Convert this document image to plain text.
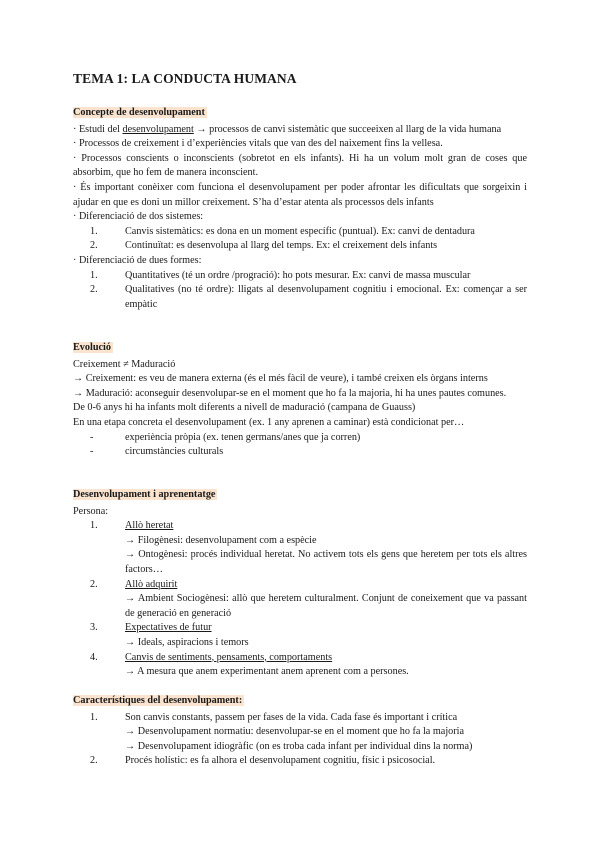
TEMA 1: LA CONDUCTA HUMANA
Concepte de desenvolupament

· Estudi del desenvolupament → processos de canvi sistemàtic que succeeixen al llarg de la vida humana

· Processos de creixement i d’experiències vitals que van des del naixement fins la vellesa.

· Processos conscients o inconscients (sobretot en els infants). Hi ha un volum molt gran de coses que absorbim, que ho fem de manera inconscient.

· És important conèixer com funciona el desenvolupament per poder afrontar les dificultats que sorgeixin i ajudar en que es doni un millor creixement. S’ha d’estar atenta als processos dels infants

· Diferenciació de dos sistemes:

1.	Canvis sistemàtics: es dona en un moment específic (puntual). Ex: canvi de dentadura
2.	Continuïtat: es desenvolupa al llarg del temps. Ex: el creixement dels infants

· Diferenciació de dues formes:

1.	Quantitatives (té un ordre /progració): ho pots mesurar. Ex: canvi de massa muscular
2.	Qualitatives (no té ordre): lligats al desenvolupament cognitiu i emocional. Ex: començar a ser empàtic
Evolució

Creixement ≠ Maduració

→ Creixement: es veu de manera externa (és el més fàcil de veure), i també creixen els òrgans interns

→ Maduració: aconseguir desenvolupar-se en el moment que ho fa la majoria, hi ha unes pautes comunes.

De 0-6 anys hi ha infants molt diferents a nivell de maduració (campana de Guauss)

En una etapa concreta el desenvolupament (ex. 1 any aprenen a caminar) està condicionat per…

-	experiència pròpia (ex. tenen germans/anes que ja corren)
-	circumstàncies culturals
Desenvolupament i aprenentatge

Persona:

1.	Allò heretat
→ Filogènesi: desenvolupament com a espècie
→ Ontogènesi: procés individual heretat. No activem tots els gens que heretem per tots els altres factors…
2.	Allò adquirit
→ Ambient Sociogènesi: allò que heretem culturalment. Conjunt de coneixement que va passant de generació en generació
3.	Expectatives de futur
→ Ideals, aspiracions i temors
4.	Canvis de sentiments, pensaments, comportaments
→ A mesura que anem experimentant anem aprenent com a persones.
Característiques del desenvolupament:
1.	Son canvis constants, passem per fases de la vida. Cada fase és important i crítica
→ Desenvolupament normatiu: desenvolupar-se en el moment que ho fa la majoria
→ Desenvolupament idiogràfic (on es troba cada infant per individual dins la norma)
2.	Procés holístic: es fa alhora el desenvolupament cognitiu, físic i psicosocial.
